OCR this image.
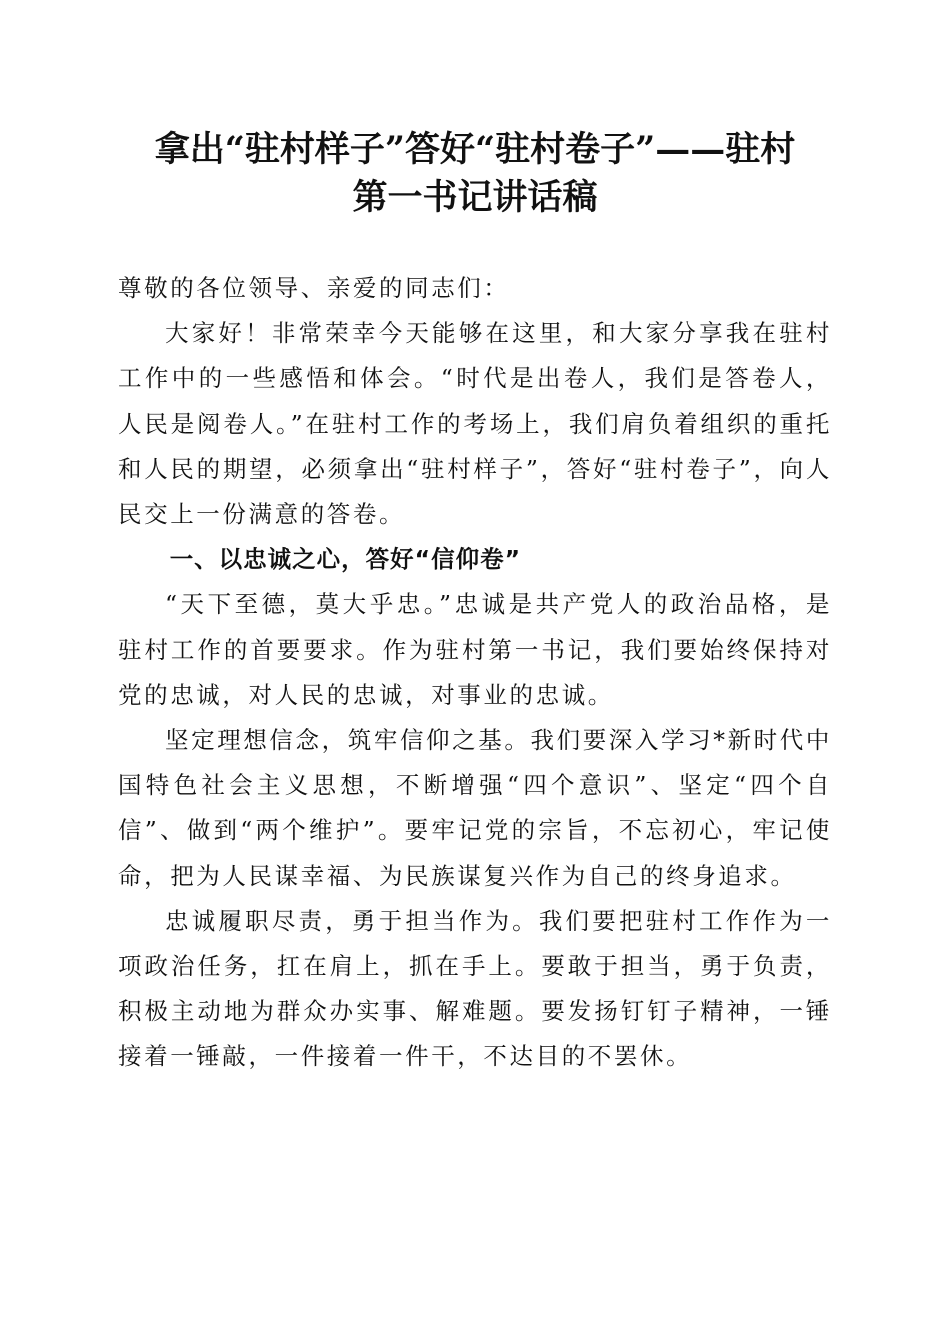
拿出“驻村样子”答好“驻村卷子”——驻村
第一书记讲话稿

尊敬的各位领导、亲爱的同志们：

大家好！非常荣幸今天能够在这里，和大家分享我在驻村工作中的一些感悟和体会。“时代是出卷人，我们是答卷人，人民是阅卷人。”在驻村工作的考场上，我们肩负着组织的重托和人民的期望，必须拿出“驻村样子”，答好“驻村卷子”，向人民交上一份满意的答卷。

一、以忠诚之心，答好“信仰卷”

“天下至德，莫大乎忠。”忠诚是共产党人的政治品格，是驻村工作的首要要求。作为驻村第一书记，我们要始终保持对党的忠诚，对人民的忠诚，对事业的忠诚。

坚定理想信念，筑牢信仰之基。我们要深入学习*新时代中国特色社会主义思想，不断增强“四个意识”、坚定“四个自信”、做到“两个维护”。要牢记党的宗旨，不忘初心，牢记使命，把为人民谋幸福、为民族谋复兴作为自己的终身追求。

忠诚履职尽责，勇于担当作为。我们要把驻村工作作为一项政治任务，扛在肩上，抓在手上。要敢于担当，勇于负责，积极主动地为群众办实事、解难题。要发扬钉钉子精神，一锤接着一锤敲，一件接着一件干，不达目的不罢休。
